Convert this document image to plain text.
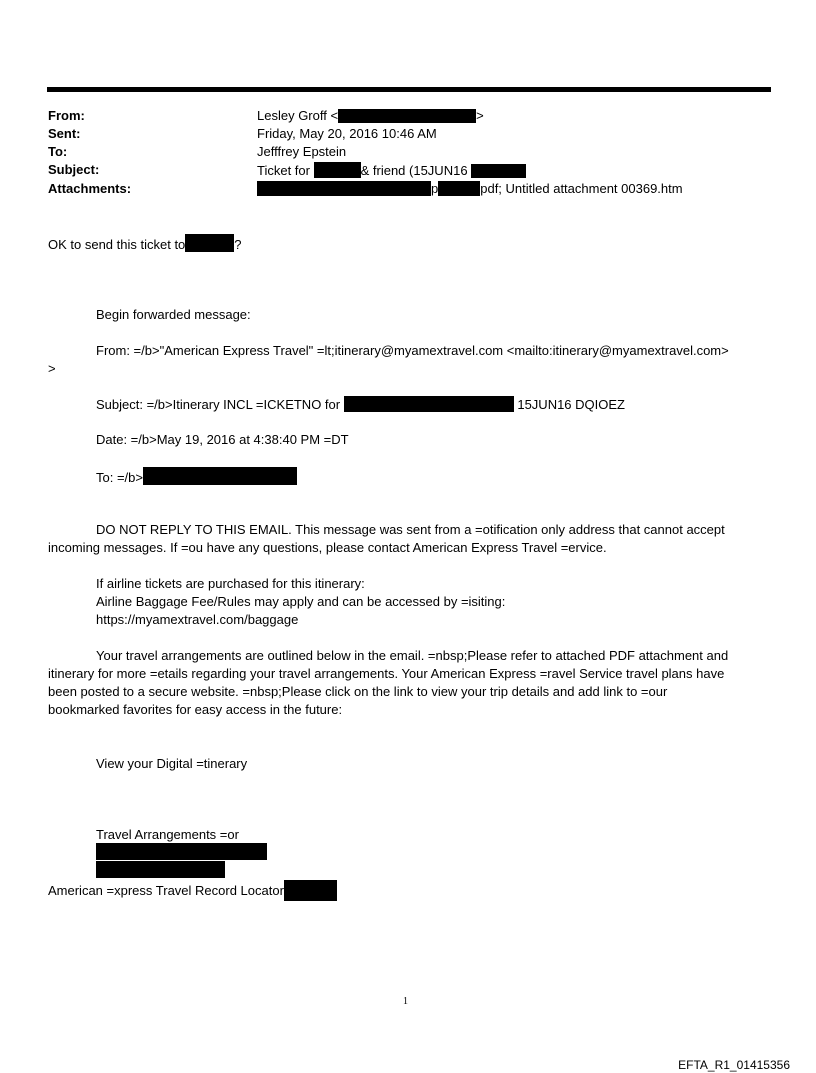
From:	Lesley Groff <	>
Sent:	Friday, May 20, 2016 10:46 AM
To:	Jefffrey Epstein
Subject:	Ticket for	& friend (15JUN16
Attachments:	p	pdf; Untitled attachment 00369.htm
OK to send this ticket to	?
Begin forwarded message:
From: =/b>"American Express Travel" =lt;itinerary@myamextravel.com <mailto:itinerary@myamextravel.com>
>
Subject: =/b>Itinerary INCL =ICKETNO for	15JUN16 DQIOEZ
Date: =/b>May 19, 2016 at 4:38:40 PM =DT
To: =/b>
DO NOT REPLY TO THIS EMAIL. This message was sent from a =otification only address that cannot accept
incoming messages. If =ou have any questions, please contact American Express Travel =ervice.
If airline tickets are purchased for this itinerary:
Airline Baggage Fee/Rules may apply and can be accessed by =isiting:
https://myamextravel.com/baggage
Your travel arrangements are outlined below in the email. =nbsp;Please refer to attached PDF attachment and
itinerary for more =etails regarding your travel arrangements. Your American Express =ravel Service travel plans have
been posted to a secure website. =nbsp;Please click on the link to view your trip details and add link to =our
bookmarked favorites for easy access in the future:
View your Digital =tinerary
Travel Arrangements =or
American =xpress Travel Record Locator
1
EFTA_R1_01415356
